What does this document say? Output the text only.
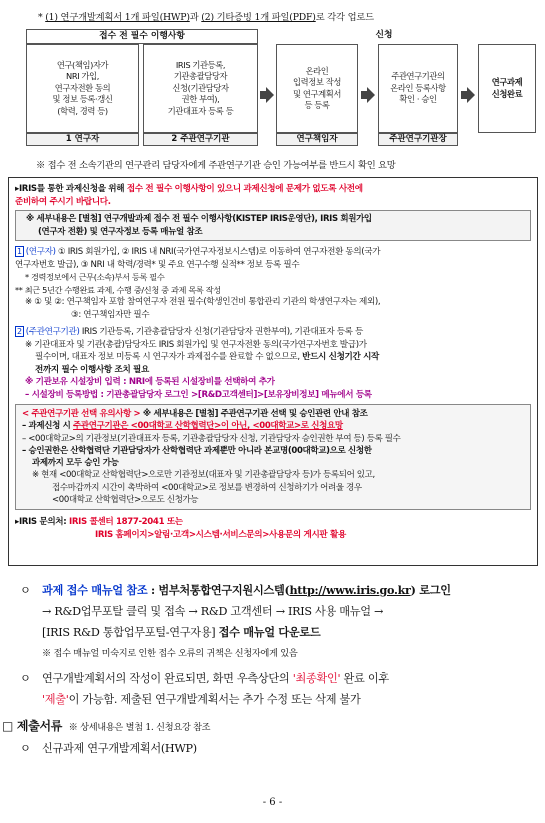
* (1) 연구개발계획서 1개 파일(HWP)과 (2) 기타증빙 1개 파일(PDF)로 각각 업로드
접수 전 필수 이행사항	신청
연구(책임)자가
NRI 가입,
연구자전환 동의
및 정보 등록·갱신
(학력, 경력 등)
IRIS 기관등록,
기관총괄담당자
신청(기관담당자
권한 부여),
기관대표자 등록 등
온라인
입력정보 작성
및 연구계획서
등 등록
주관연구기관의
온라인 등록사항
확인 · 승인
연구과제
신청완료
1 연구자	2 주관연구기관	연구책임자	주관연구기관장
※ 접수 전 소속기관의 연구관리 담당자에게 주관연구기관 승인 가능여부를 반드시 확인 요망
▸IRIS를 통한 과제신청을 위해 접수 전 필수 이행사항이 있으니 과제신청에 문제가 없도록 사전에
준비하여 주시기 바랍니다.
※ 세부내용은 [별첨] 연구개발과제 접수 전 필수 이행사항(KISTEP IRIS운영단), IRIS 회원가입
(연구자 전환) 및 연구자정보 등록 매뉴얼 참조
1 (연구자) ① IRIS 회원가입, ② IRIS 내 NRI(국가연구자정보시스템)로 이동하여 연구자전환 동의(국가
연구자번호 발급), ③ NRI 내 학력/경력* 및 주요 연구수행 실적** 정보 등록 필수
* 경력정보에서 근무(소속)부서 등록 필수
** 최근 5년간 수행완료 과제, 수행 중/신청 중 과제 목록 작성
※ ① 및 ②: 연구책임자 포함 참여연구자 전원 필수(학생인건비 통합관리 기관의 학생연구자는 제외),
③: 연구책임자만 필수
2 (주관연구기관) IRIS 기관등록, 기관총괄담당자 신청(기관담당자 권한부여), 기관대표자 등록 등
※ 기관대표자 및 기관(총괄)담당자도 IRIS 회원가입 및 연구자전환 동의(국가연구자번호 발급)가
필수이며, 대표자 정보 미등록 시 연구자가 과제접수를 완료할 수 없으므로, 반드시 신청기간 시작
전까지 필수 이행사항 조치 필요
※ 기관보유 시설장비 입력 : NRI에 등록된 시설장비를 선택하여 추가
– 시설장비 등록방법 : 기관총괄담당자 로그인 >[R&D고객센터]>[보유장비정보] 메뉴에서 등록
< 주관연구기관 선택 유의사항 > ※ 세부내용은 [별첨] 주관연구기관 선택 및 승인관련 안내 참조
– 과제신청 시 주관연구기관은 <00대학교 산학협력단>이 아닌, <00대학교>로 신청요망
– <00대학교>의 기관정보(기관대표자 등록, 기관총괄담당자 신청, 기관담당자 승인권한 부여 등) 등록 필수
– 승인권한은 산학협력단 기관담당자가 산학협력단 과제뿐만 아니라 본교명(00대학교)으로 신청한
과제까지 모두 승인 가능
※ 현재 <00대학교 산학협력단>으로만 기관정보(대표자 및 기관총괄담당자 등)가 등록되어 있고,
접수마감까지 시간이 촉박하여 <00대학교>로 정보를 변경하여 신청하기가 어려울 경우
<00대학교 산학협력단>으로도 신청가능
▸IRIS 문의처: IRIS 콜센터 1877-2041 또는
IRIS 홈페이지>알림·고객>시스템·서비스문의>사용문의 게시판 활용
ㅇ 과제 접수 매뉴얼 참조 : 범부처통합연구지원시스템(http://www.iris.go.kr) 로그인
→ R&D업무포탈 클릭 및 접속 → R&D 고객센터 → IRIS 사용 매뉴얼 →
[IRIS R&D 통합업무포털-연구자용] 접수 매뉴얼 다운로드
※ 접수 매뉴얼 미숙지로 인한 접수 오류의 귀책은 신청자에게 있음
ㅇ 연구개발계획서의 작성이 완료되면, 화면 우측상단의 '최종확인' 완료 이후
'제출'이 가능함. 제출된 연구개발계획서는 추가 수정 또는 삭제 불가
□ 제출서류 ※ 상세내용은 별첨 1. 신청요강 참조
ㅇ 신규과제 연구개발계획서(HWP)
- 6 -
